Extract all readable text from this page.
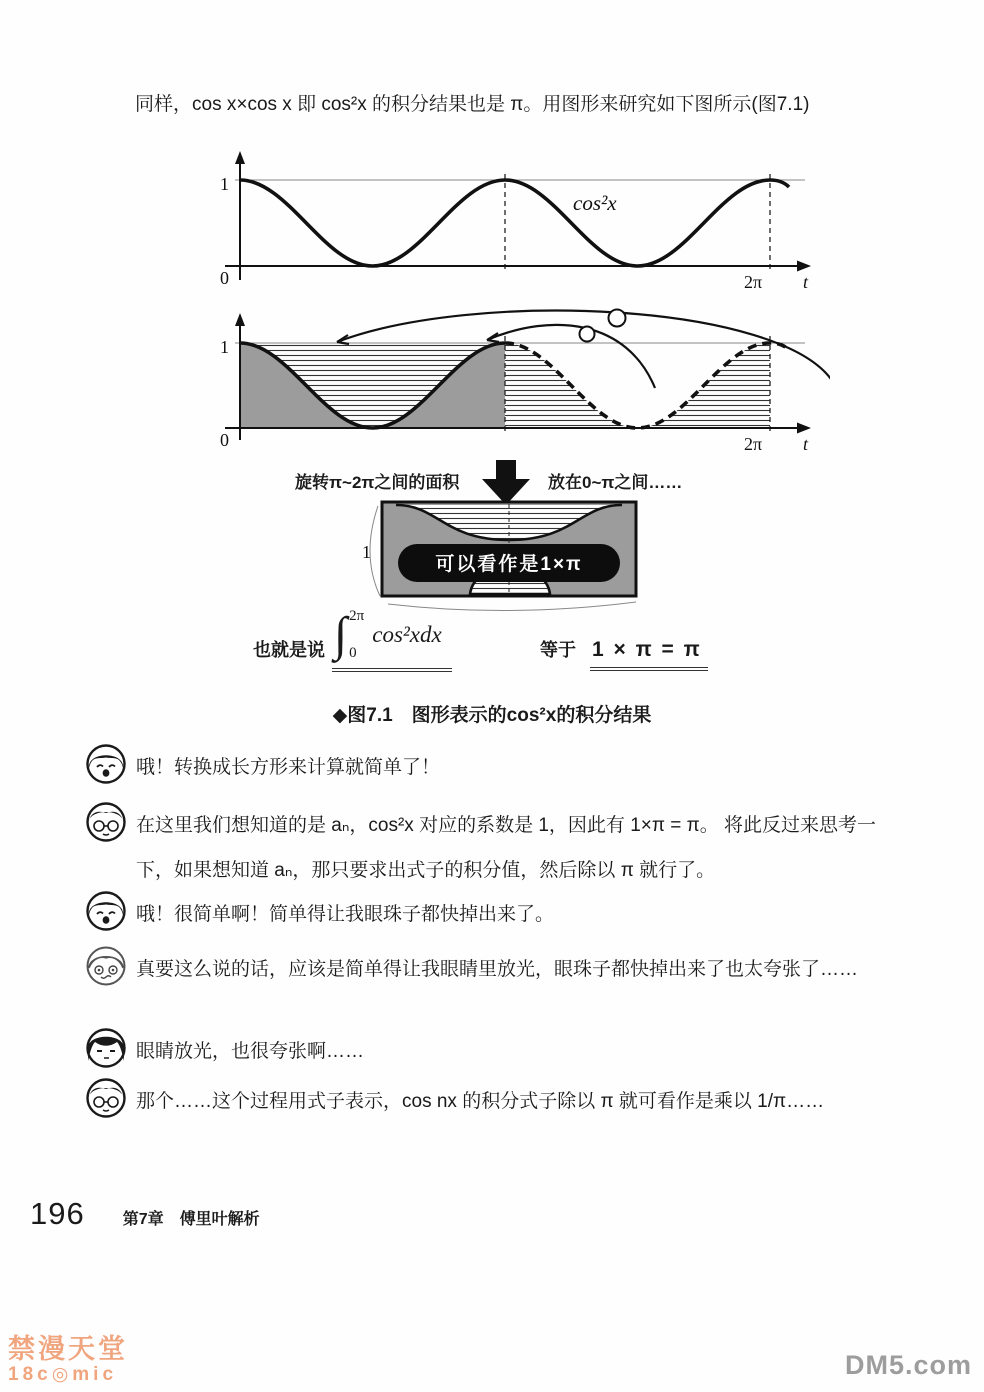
同样，cos x×cos x 即 cos²x 的积分结果也是 π。用图形来研究如下图所示(图7.1)

1
0
cos²x
2π t
1
0	2π t
旋转π~2π之间的面积	放在0~π之间……
可以看作是1×π
1
也就是说 ∫ 2π
0
cos²xdx
等于 1 × π = π

◆图7.1　图形表示的cos²x的积分结果

哦！转换成长方形来计算就简单了！

在这里我们想知道的是 aₙ，cos²x 对应的系数是 1，因此有 1×π = π。 将此反过来思考一下，如果想知道 aₙ，那只要求出式子的积分值，然后除以 π 就行了。

哦！很简单啊！简单得让我眼珠子都快掉出来了。

真要这么说的话，应该是简单得让我眼睛里放光，眼珠子都快掉出来了也太夸张了……

眼睛放光，也很夸张啊……

那个……这个过程用式子表示，cos nx 的积分式子除以 π 就可看作是乘以 1/π……

196 第7章　傅里叶解析
禁漫天堂
18c◎mic	DM5.com
